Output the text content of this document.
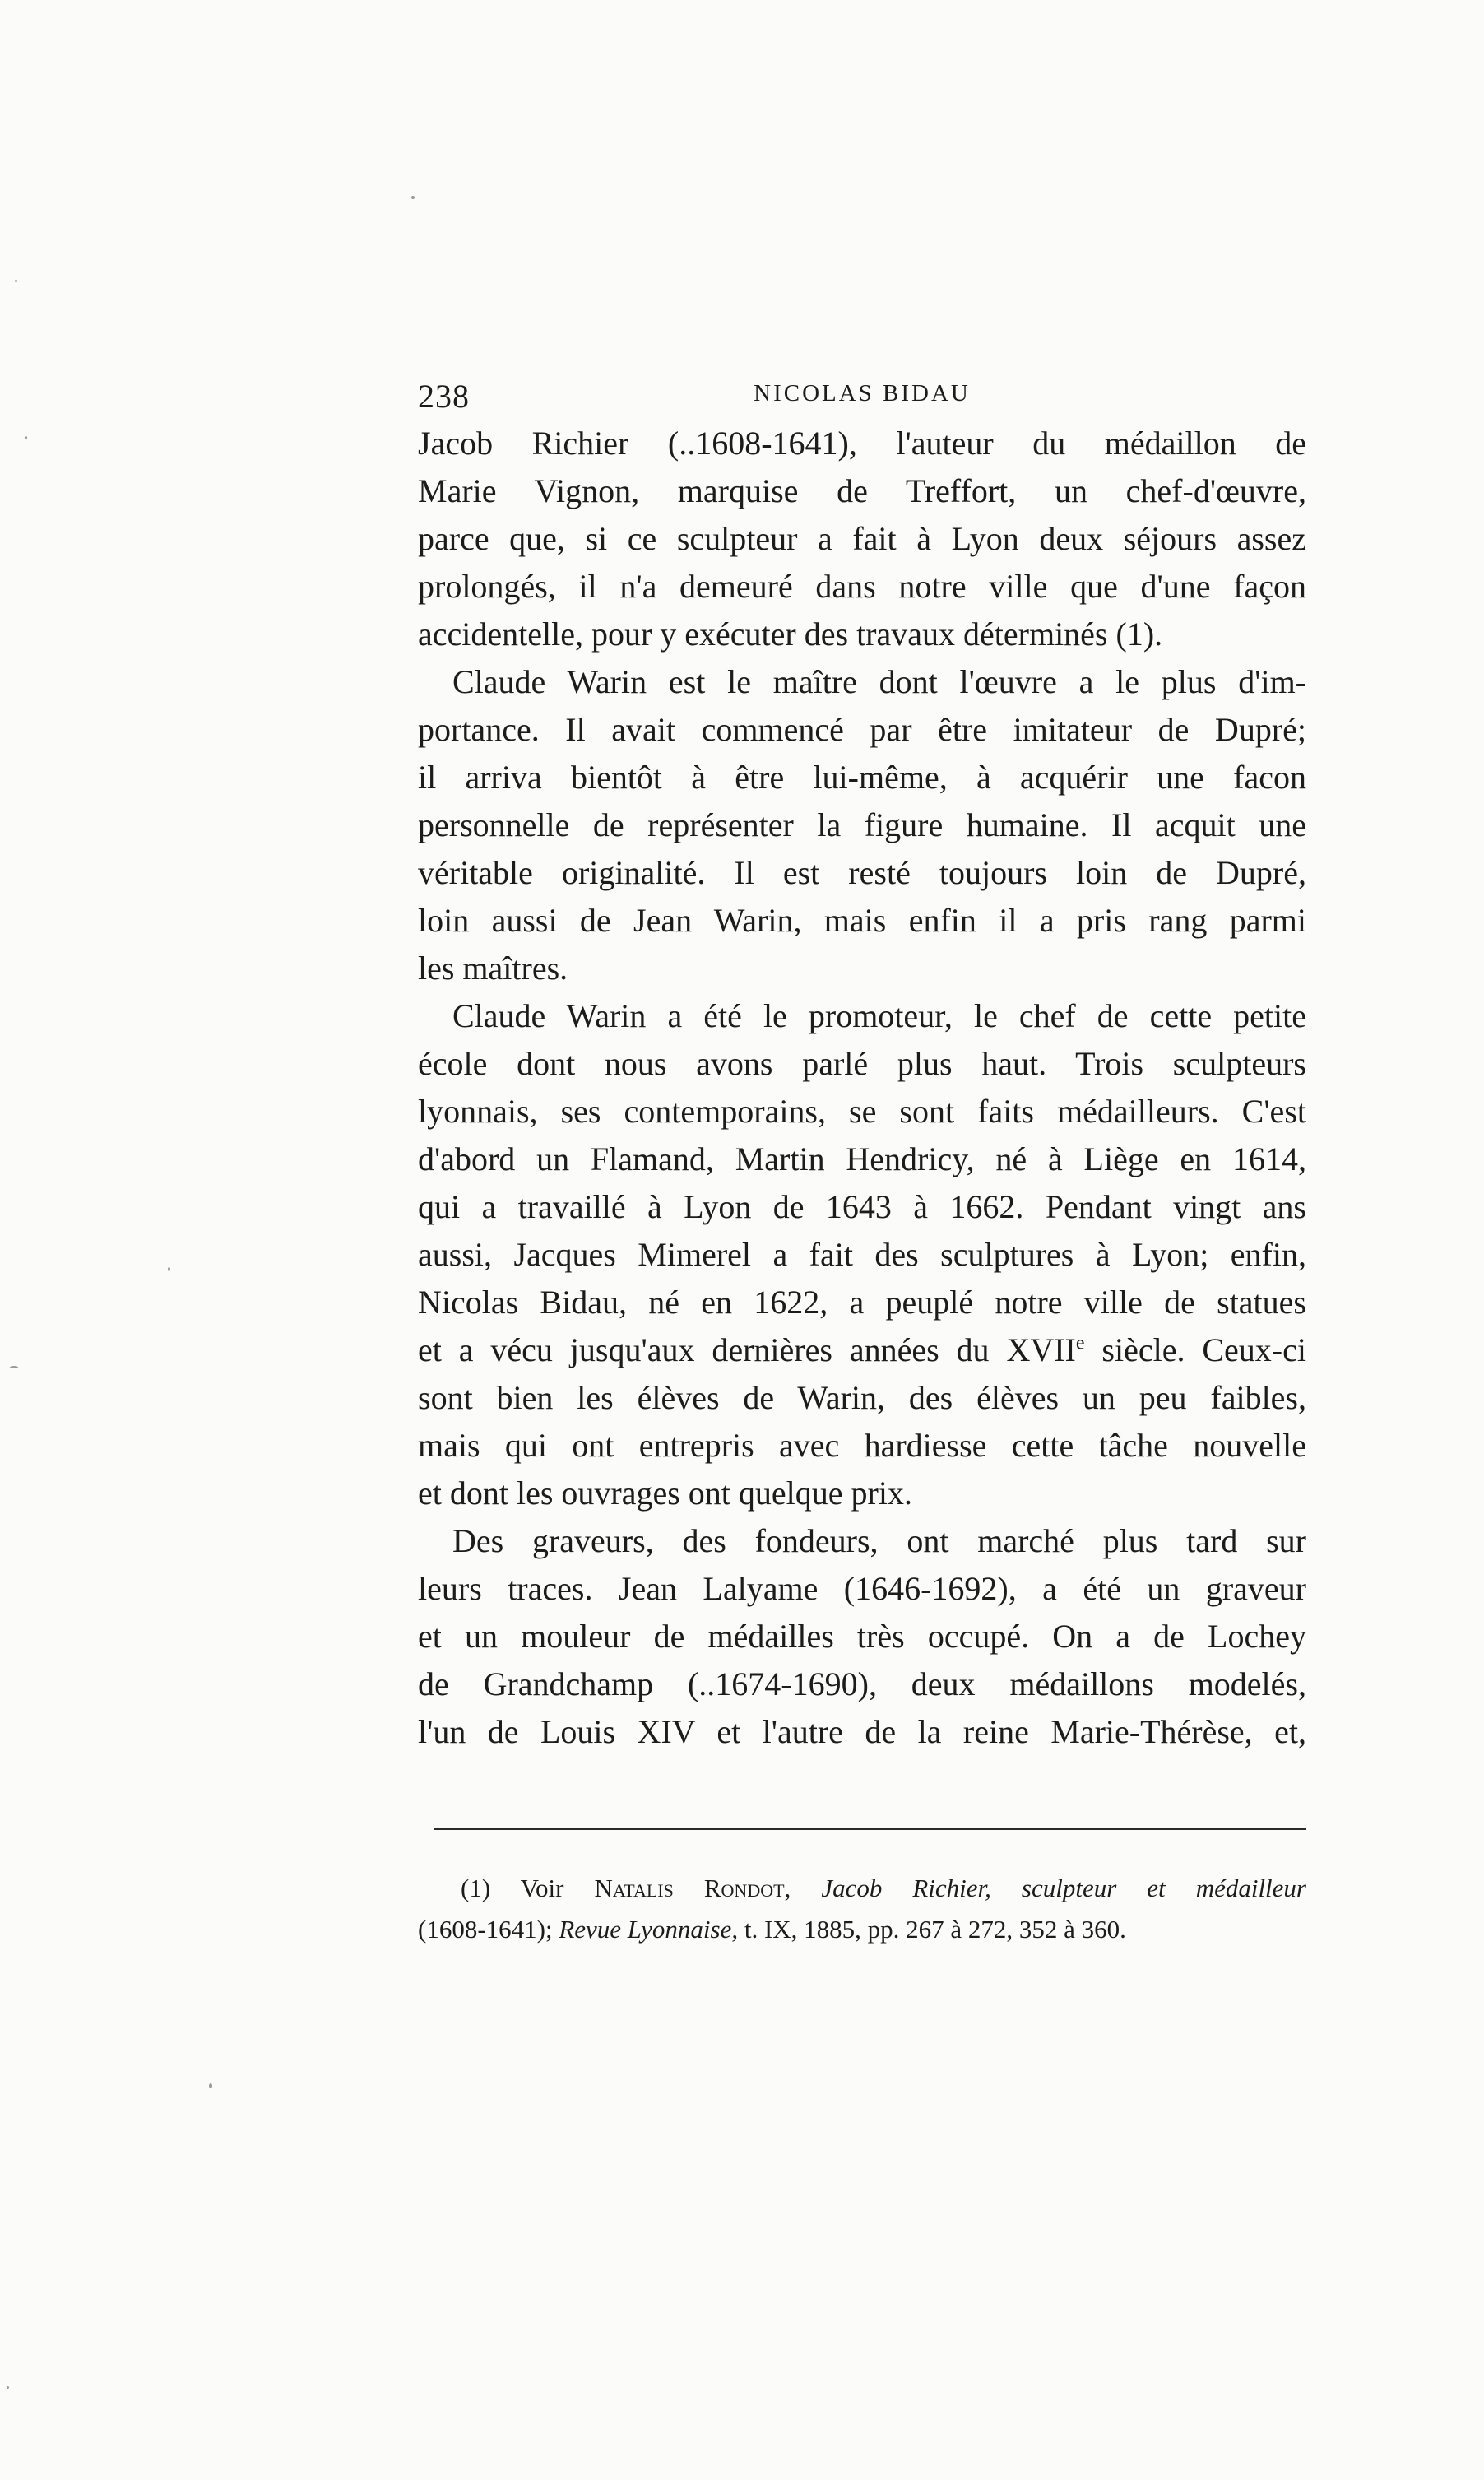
238	NICOLAS BIDAU

Jacob Richier (..1608-1641), l'auteur du médaillon de
Marie Vignon, marquise de Treffort, un chef-d'œuvre,
parce que, si ce sculpteur a fait à Lyon deux séjours assez
prolongés, il n'a demeuré dans notre ville que d'une façon
accidentelle, pour y exécuter des travaux déterminés (1).

Claude Warin est le maître dont l'œuvre a le plus d'im-
portance. Il avait commencé par être imitateur de Dupré;
il arriva bientôt à être lui-même, à acquérir une facon
personnelle de représenter la figure humaine. Il acquit une
véritable originalité. Il est resté toujours loin de Dupré,
loin aussi de Jean Warin, mais enfin il a pris rang parmi
les maîtres.

Claude Warin a été le promoteur, le chef de cette petite
école dont nous avons parlé plus haut. Trois sculpteurs
lyonnais, ses contemporains, se sont faits médailleurs. C'est
d'abord un Flamand, Martin Hendricy, né à Liège en 1614,
qui a travaillé à Lyon de 1643 à 1662. Pendant vingt ans
aussi, Jacques Mimerel a fait des sculptures à Lyon; enfin,
Nicolas Bidau, né en 1622, a peuplé notre ville de statues
et a vécu jusqu'aux dernières années du XVIIe siècle. Ceux-ci
sont bien les élèves de Warin, des élèves un peu faibles,
mais qui ont entrepris avec hardiesse cette tâche nouvelle
et dont les ouvrages ont quelque prix.

Des graveurs, des fondeurs, ont marché plus tard sur
leurs traces. Jean Lalyame (1646-1692), a été un graveur
et un mouleur de médailles très occupé. On a de Lochey
de Grandchamp (..1674-1690), deux médaillons modelés,
l'un de Louis XIV et l'autre de la reine Marie-Thérèse, et,

(1) Voir Natalis Rondot, Jacob Richier, sculpteur et médailleur
(1608-1641); Revue Lyonnaise, t. IX, 1885, pp. 267 à 272, 352 à 360.
